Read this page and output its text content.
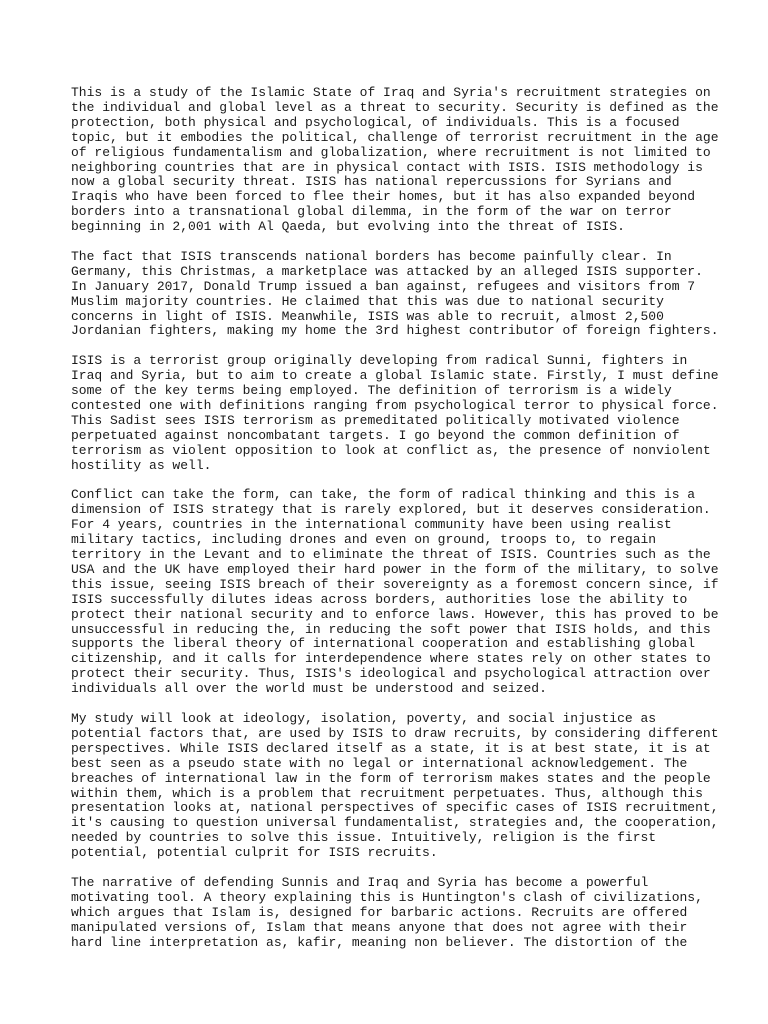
This is a study of the Islamic State of Iraq and Syria's recruitment strategies on
the individual and global level as a threat to security. Security is defined as the
protection, both physical and psychological, of individuals. This is a focused
topic, but it embodies the political, challenge of terrorist recruitment in the age
of religious fundamentalism and globalization, where recruitment is not limited to
neighboring countries that are in physical contact with ISIS. ISIS methodology is
now a global security threat. ISIS has national repercussions for Syrians and
Iraqis who have been forced to flee their homes, but it has also expanded beyond
borders into a transnational global dilemma, in the form of the war on terror
beginning in 2,001 with Al Qaeda, but evolving into the threat of ISIS.

The fact that ISIS transcends national borders has become painfully clear. In
Germany, this Christmas, a marketplace was attacked by an alleged ISIS supporter.
In January 2017, Donald Trump issued a ban against, refugees and visitors from 7
Muslim majority countries. He claimed that this was due to national security
concerns in light of ISIS. Meanwhile, ISIS was able to recruit, almost 2,500
Jordanian fighters, making my home the 3rd highest contributor of foreign fighters.

ISIS is a terrorist group originally developing from radical Sunni, fighters in
Iraq and Syria, but to aim to create a global Islamic state. Firstly, I must define
some of the key terms being employed. The definition of terrorism is a widely
contested one with definitions ranging from psychological terror to physical force.
This Sadist sees ISIS terrorism as premeditated politically motivated violence
perpetuated against noncombatant targets. I go beyond the common definition of
terrorism as violent opposition to look at conflict as, the presence of nonviolent
hostility as well.

Conflict can take the form, can take, the form of radical thinking and this is a
dimension of ISIS strategy that is rarely explored, but it deserves consideration.
For 4 years, countries in the international community have been using realist
military tactics, including drones and even on ground, troops to, to regain
territory in the Levant and to eliminate the threat of ISIS. Countries such as the
USA and the UK have employed their hard power in the form of the military, to solve
this issue, seeing ISIS breach of their sovereignty as a foremost concern since, if
ISIS successfully dilutes ideas across borders, authorities lose the ability to
protect their national security and to enforce laws. However, this has proved to be
unsuccessful in reducing the, in reducing the soft power that ISIS holds, and this
supports the liberal theory of international cooperation and establishing global
citizenship, and it calls for interdependence where states rely on other states to
protect their security. Thus, ISIS's ideological and psychological attraction over
individuals all over the world must be understood and seized.

My study will look at ideology, isolation, poverty, and social injustice as
potential factors that, are used by ISIS to draw recruits, by considering different
perspectives. While ISIS declared itself as a state, it is at best state, it is at
best seen as a pseudo state with no legal or international acknowledgement. The
breaches of international law in the form of terrorism makes states and the people
within them, which is a problem that recruitment perpetuates. Thus, although this
presentation looks at, national perspectives of specific cases of ISIS recruitment,
it's causing to question universal fundamentalist, strategies and, the cooperation,
needed by countries to solve this issue. Intuitively, religion is the first
potential, potential culprit for ISIS recruits.

The narrative of defending Sunnis and Iraq and Syria has become a powerful
motivating tool. A theory explaining this is Huntington's clash of civilizations,
which argues that Islam is, designed for barbaric actions. Recruits are offered
manipulated versions of, Islam that means anyone that does not agree with their
hard line interpretation as, kafir, meaning non believer. The distortion of the
